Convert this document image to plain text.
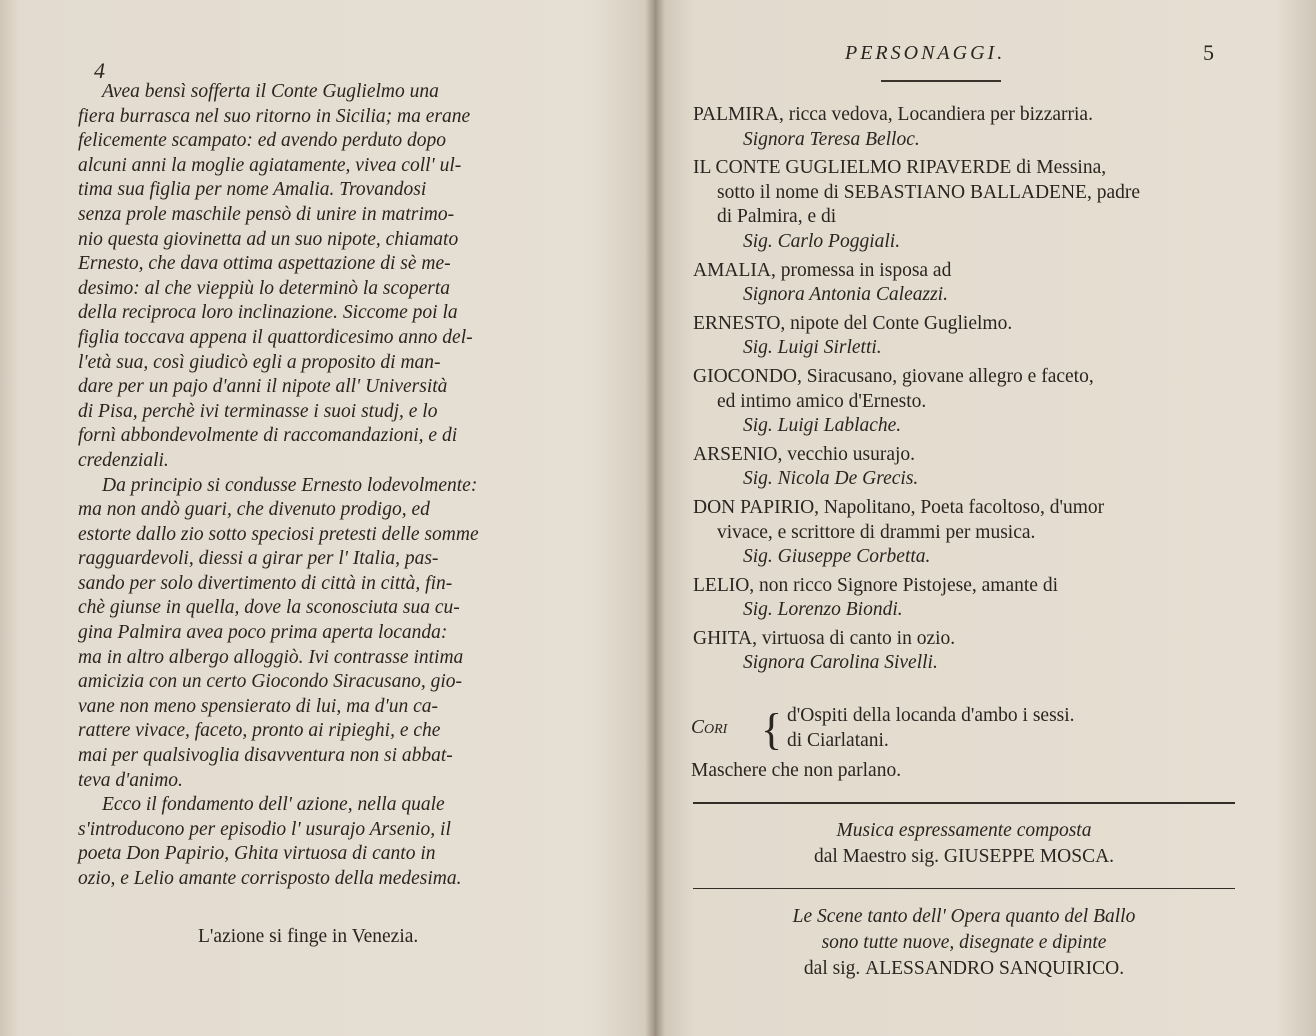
4

Avea bensì sofferta il Conte Guglielmo una

fiera burrasca nel suo ritorno in Sicilia; ma erane

felicemente scampato: ed avendo perduto dopo

alcuni anni la moglie agiatamente, vivea coll' ul-

tima sua figlia per nome Amalia. Trovandosi

senza prole maschile pensò di unire in matrimo-

nio questa giovinetta ad un suo nipote, chiamato

Ernesto, che dava ottima aspettazione di sè me-

desimo: al che vieppiù lo determinò la scoperta

della reciproca loro inclinazione. Siccome poi la

figlia toccava appena il quattordicesimo anno del-

l'età sua, così giudicò egli a proposito di man-

dare per un pajo d'anni il nipote all' Università

di Pisa, perchè ivi terminasse i suoi studj, e lo

fornì abbondevolmente di raccomandazioni, e di

credenziali.

Da principio si condusse Ernesto lodevolmente:

ma non andò guari, che divenuto prodigo, ed

estorte dallo zio sotto speciosi pretesti delle somme

ragguardevoli, diessi a girar per l' Italia, pas-

sando per solo divertimento di città in città, fin-

chè giunse in quella, dove la sconosciuta sua cu-

gina Palmira avea poco prima aperta locanda:

ma in altro albergo alloggiò. Ivi contrasse intima

amicizia con un certo Giocondo Siracusano, gio-

vane non meno spensierato di lui, ma d'un ca-

rattere vivace, faceto, pronto ai ripieghi, e che

mai per qualsivoglia disavventura non si abbat-

teva d'animo.

Ecco il fondamento dell' azione, nella quale

s'introducono per episodio l' usurajo Arsenio, il

poeta Don Papirio, Ghita virtuosa di canto in

ozio, e Lelio amante corrisposto della medesima.

L'azione si finge in Venezia.
PERSONAGGI.	5
PALMIRA, ricca vedova, Locandiera per bizzarria.
Signora Teresa Belloc.
IL CONTE GUGLIELMO RIPAVERDE di Messina,
sotto il nome di SEBASTIANO BALLADENE, padre
di Palmira, e di
Sig. Carlo Poggiali.
AMALIA, promessa in isposa ad
Signora Antonia Caleazzi.
ERNESTO, nipote del Conte Guglielmo.
Sig. Luigi Sirletti.
GIOCONDO, Siracusano, giovane allegro e faceto,
ed intimo amico d'Ernesto.
Sig. Luigi Lablache.
ARSENIO, vecchio usurajo.
Sig. Nicola De Grecis.
DON PAPIRIO, Napolitano, Poeta facoltoso, d'umor
vivace, e scrittore di drammi per musica.
Sig. Giuseppe Corbetta.
LELIO, non ricco Signore Pistojese, amante di
Sig. Lorenzo Biondi.
GHITA, virtuosa di canto in ozio.
Signora Carolina Sivelli.
Cori { d'Ospiti della locanda d'ambo i sessi.
di Ciarlatani.
Maschere che non parlano.
Musica espressamente composta
dal Maestro sig. GIUSEPPE MOSCA.
Le Scene tanto dell' Opera quanto del Ballo
sono tutte nuove, disegnate e dipinte
dal sig. ALESSANDRO SANQUIRICO.
